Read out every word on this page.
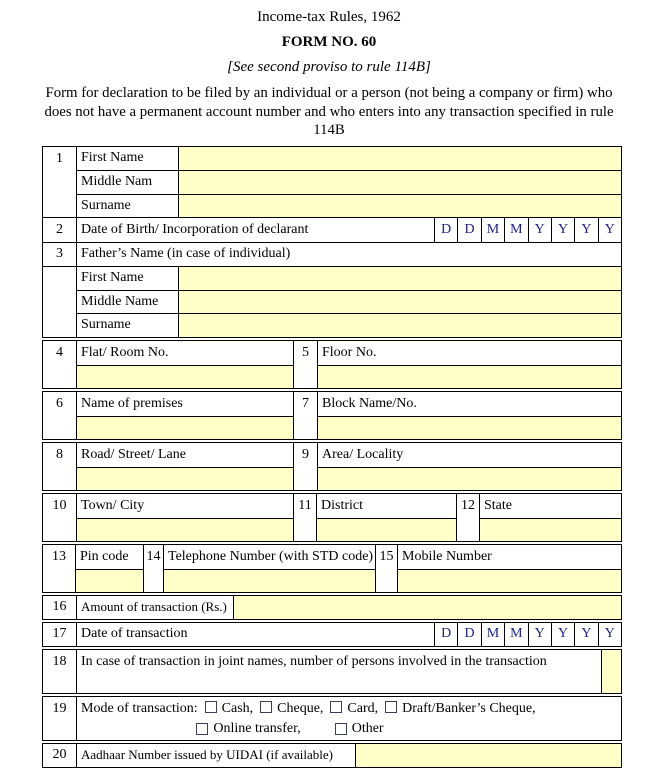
Income-tax Rules, 1962
FORM NO. 60
[See second proviso to rule 114B]
Form for declaration to be filed by an individual or a person (not being a company or firm) who does not have a permanent account number and who enters into any transaction specified in rule 114B
1	First Name
Middle Nam
Surname
2	Date of Birth/ Incorporation of declarant	D D M M Y Y Y Y
3	Father’s Name (in case of individual)
First Name
Middle Name
Surname
4	Flat/ Room No.	5 Floor No.
6	Name of premises	7 Block Name/No.
8	Road/ Street/ Lane	9 Area/ Locality
10	Town/ City	11 District	12 State
13	Pin code	14 Telephone Number (with STD code) 15 Mobile Number
16	Amount of transaction (Rs.)
17	Date of transaction	D D M M Y Y Y Y
18	In case of transaction in joint names, number of persons involved in the transaction
19	Mode of transaction: Cash, Cheque, Card, Draft/Banker’s Cheque,
Online transfer,	Other
20	Aadhaar Number issued by UIDAI (if available)
